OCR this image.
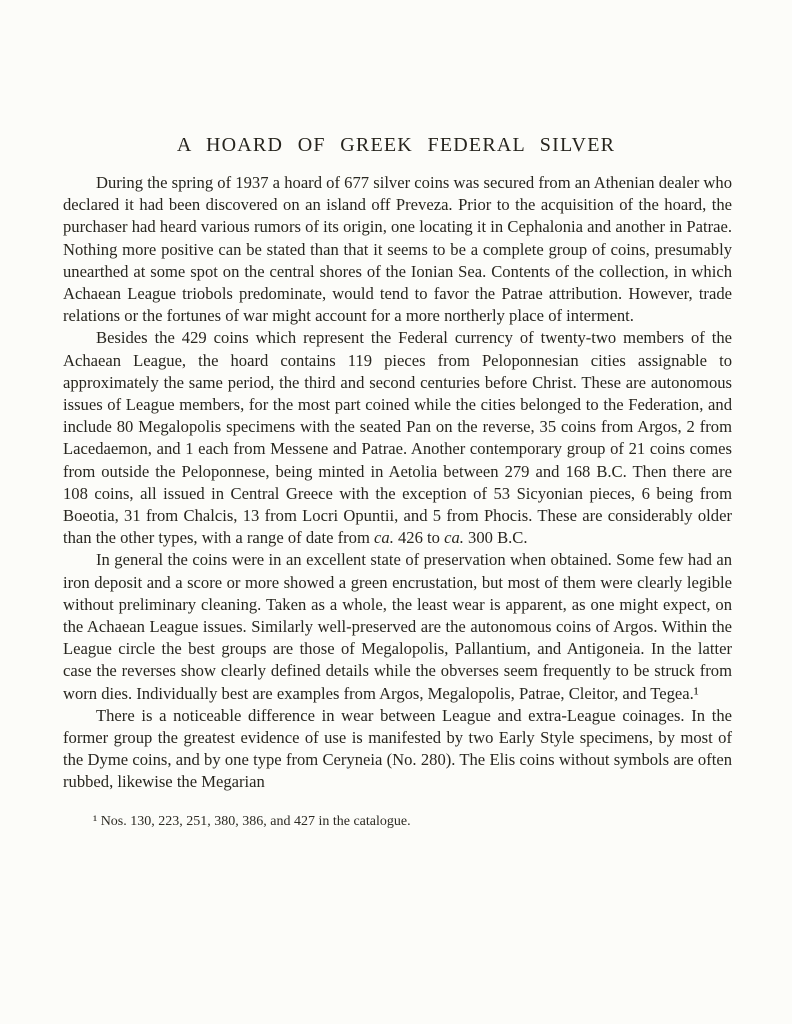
A HOARD OF GREEK FEDERAL SILVER

During the spring of 1937 a hoard of 677 silver coins was secured from an Athenian dealer who declared it had been discovered on an island off Preveza. Prior to the acquisition of the hoard, the purchaser had heard various rumors of its origin, one locating it in Cephalonia and another in Patrae. Nothing more positive can be stated than that it seems to be a complete group of coins, presumably unearthed at some spot on the central shores of the Ionian Sea. Contents of the collection, in which Achaean League triobols predominate, would tend to favor the Patrae attribution. However, trade relations or the fortunes of war might account for a more northerly place of interment.

Besides the 429 coins which represent the Federal currency of twenty-two members of the Achaean League, the hoard contains 119 pieces from Peloponnesian cities assignable to approximately the same period, the third and second centuries before Christ. These are autonomous issues of League members, for the most part coined while the cities belonged to the Federation, and include 80 Megalopolis specimens with the seated Pan on the reverse, 35 coins from Argos, 2 from Lacedaemon, and 1 each from Messene and Patrae. Another contemporary group of 21 coins comes from outside the Peloponnese, being minted in Aetolia between 279 and 168 B.C. Then there are 108 coins, all issued in Central Greece with the exception of 53 Sicyonian pieces, 6 being from Boeotia, 31 from Chalcis, 13 from Locri Opuntii, and 5 from Phocis. These are considerably older than the other types, with a range of date from ca. 426 to ca. 300 B.C.

In general the coins were in an excellent state of preservation when obtained. Some few had an iron deposit and a score or more showed a green encrustation, but most of them were clearly legible without preliminary cleaning. Taken as a whole, the least wear is apparent, as one might expect, on the Achaean League issues. Similarly well-preserved are the autonomous coins of Argos. Within the League circle the best groups are those of Megalopolis, Pallantium, and Antigoneia. In the latter case the reverses show clearly defined details while the obverses seem frequently to be struck from worn dies. Individually best are examples from Argos, Megalopolis, Patrae, Cleitor, and Tegea.¹

There is a noticeable difference in wear between League and extra-League coinages. In the former group the greatest evidence of use is manifested by two Early Style specimens, by most of the Dyme coins, and by one type from Ceryneia (No. 280). The Elis coins without symbols are often rubbed, likewise the Megarian

¹ Nos. 130, 223, 251, 380, 386, and 427 in the catalogue.
